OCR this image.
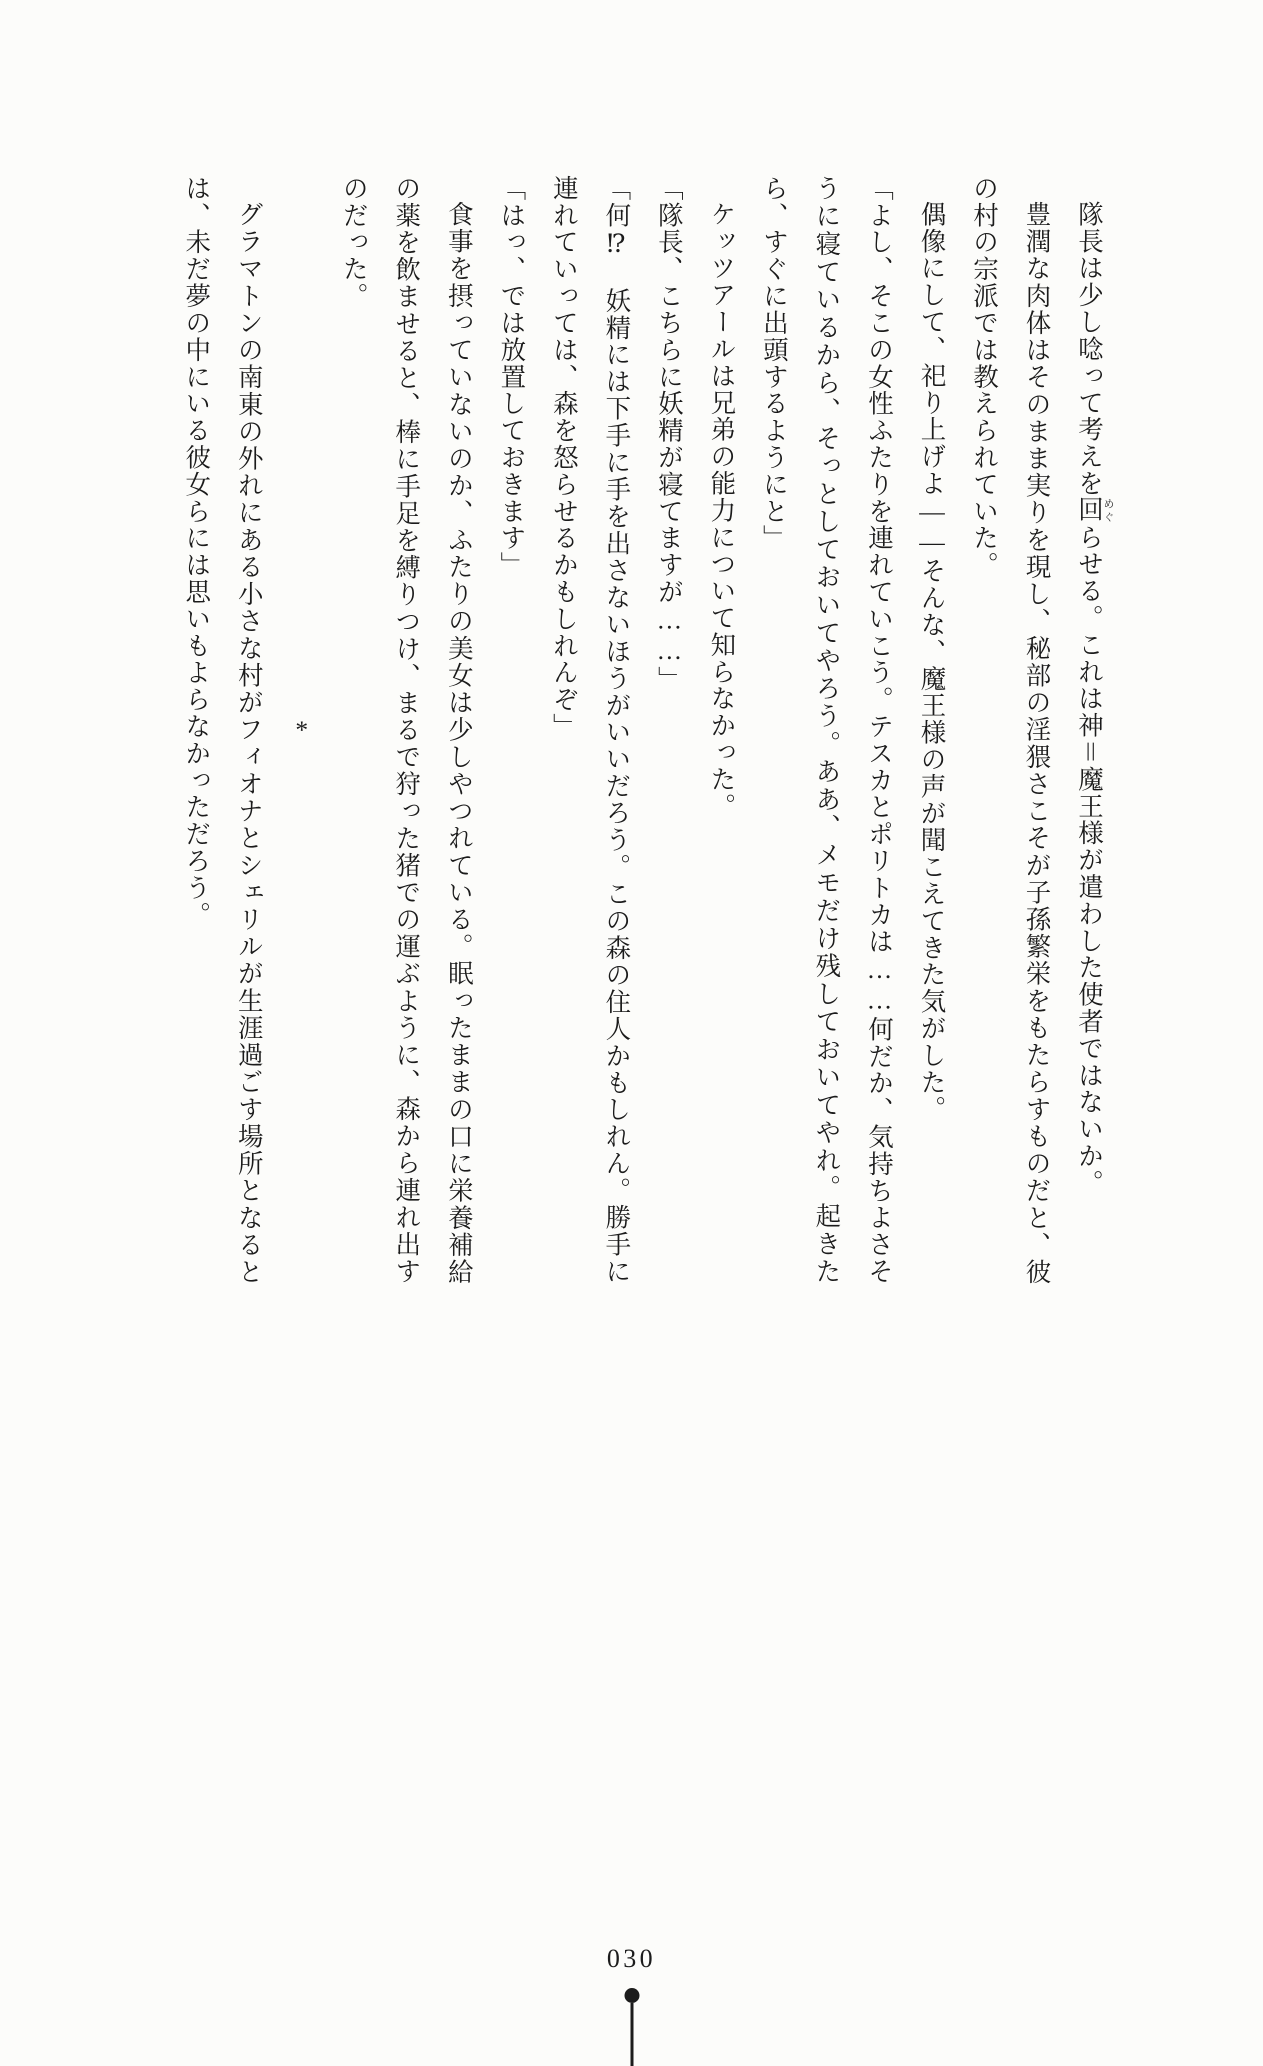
隊長は少し唸って考えを回めぐらせる。これは神＝魔王様が遣わした使者ではないか。

豊潤な肉体はそのまま実りを現し、秘部の淫猥さこそが子孫繁栄をもたらすものだと、彼の村の宗派では教えられていた。

偶像にして、祀り上げよ——そんな、魔王様の声が聞こえてきた気がした。

「よし、そこの女性ふたりを連れていこう。テスカとポリトカは……何だか、気持ちよさそうに寝ているから、そっとしておいてやろう。ああ、メモだけ残しておいてやれ。起きたら、すぐに出頭するようにと」

ケッツアールは兄弟の能力について知らなかった。

「隊長、こちらに妖精が寝てますが……」

「何⁉　妖精には下手に手を出さないほうがいいだろう。この森の住人かもしれん。勝手に連れていっては、森を怒らせるかもしれんぞ」

「はっ、では放置しておきます」

食事を摂っていないのか、ふたりの美女は少しやつれている。眠ったままの口に栄養補給の薬を飲ませると、棒に手足を縛りつけ、まるで狩った猪での運ぶように、森から連れ出すのだった。

*

グラマトンの南東の外れにある小さな村がフィオナとシェリルが生涯過ごす場所となるとは、未だ夢の中にいる彼女らには思いもよらなかっただろう。

030
